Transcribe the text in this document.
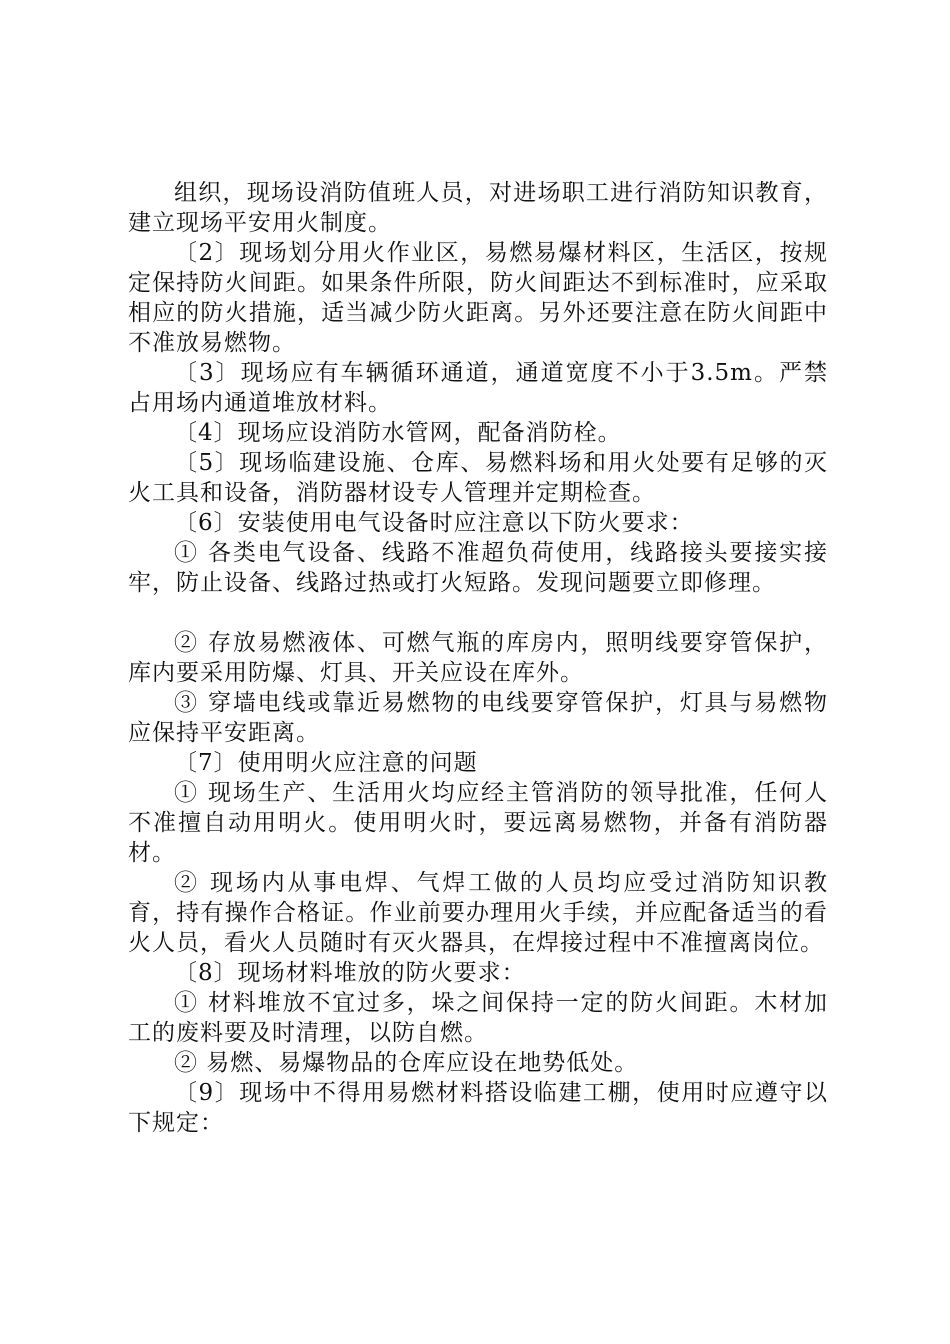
组织，现场设消防值班人员，对进场职工进行消防知识教育，建立现场平安用火制度。

〔2〕现场划分用火作业区，易燃易爆材料区，生活区，按规定保持防火间距。如果条件所限，防火间距达不到标准时，应采取相应的防火措施，适当减少防火距离。另外还要注意在防火间距中不准放易燃物。

〔3〕现场应有车辆循环通道，通道宽度不小于3.5m。严禁占用场内通道堆放材料。

〔4〕现场应设消防水管网，配备消防栓。

〔5〕现场临建设施、仓库、易燃料场和用火处要有足够的灭火工具和设备，消防器材设专人管理并定期检查。

〔6〕安装使用电气设备时应注意以下防火要求：

① 各类电气设备、线路不准超负荷使用，线路接头要接实接牢，防止设备、线路过热或打火短路。发现问题要立即修理。

② 存放易燃液体、可燃气瓶的库房内，照明线要穿管保护，库内要采用防爆、灯具、开关应设在库外。

③ 穿墙电线或靠近易燃物的电线要穿管保护，灯具与易燃物应保持平安距离。

〔7〕使用明火应注意的问题

① 现场生产、生活用火均应经主管消防的领导批准，任何人不准擅自动用明火。使用明火时，要远离易燃物，并备有消防器材。

② 现场内从事电焊、气焊工做的人员均应受过消防知识教育，持有操作合格证。作业前要办理用火手续，并应配备适当的看火人员，看火人员随时有灭火器具，在焊接过程中不准擅离岗位。

〔8〕现场材料堆放的防火要求：

① 材料堆放不宜过多，垛之间保持一定的防火间距。木材加工的废料要及时清理，以防自燃。

② 易燃、易爆物品的仓库应设在地势低处。

〔9〕现场中不得用易燃材料搭设临建工棚，使用时应遵守以下规定：
